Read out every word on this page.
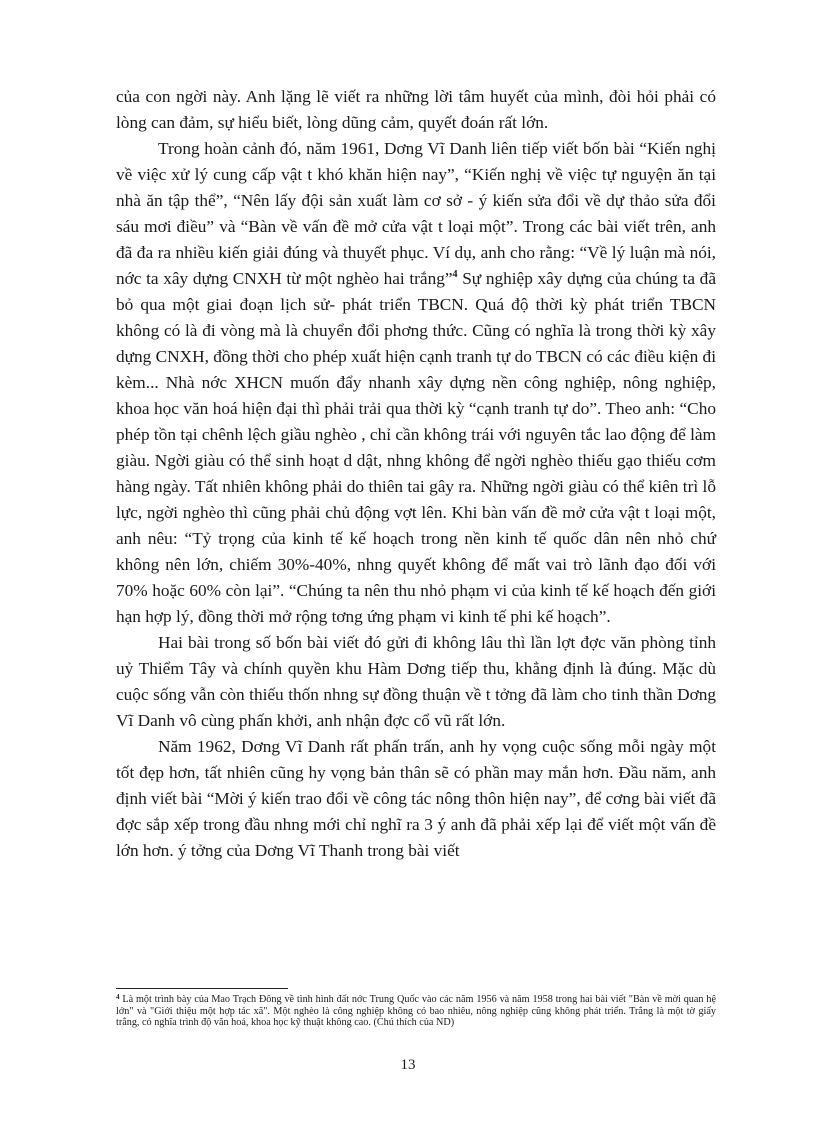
của con ngời này. Anh lặng lẽ viết ra những lời tâm huyết của mình, đòi hỏi phải có lòng can đảm, sự hiểu biết, lòng dũng cảm, quyết đoán rất lớn.

Trong hoàn cảnh đó, năm 1961, Dơng Vĩ Danh liên tiếp viết bốn bài “Kiến nghị về việc xử lý cung cấp vật t khó khăn hiện nay”, “Kiến nghị về việc tự nguyện ăn tại nhà ăn tập thể”, “Nên lấy đội sản xuất làm cơ sở - ý kiến sửa đổi về dự thảo sửa đổi sáu mơi điều” và “Bàn về vấn đề mở cửa vật t loại một”. Trong các bài viết trên, anh đã đa ra nhiều kiến giải đúng và thuyết phục. Ví dụ, anh cho rằng: “Về lý luận mà nói, nớc ta xây dựng CNXH từ một nghèo hai trắng”$^4$ Sự nghiệp xây dựng của chúng ta đã bỏ qua một giai đoạn lịch sử- phát triển TBCN. Quá độ thời kỳ phát triển TBCN không có là đi vòng mà là chuyển đổi phơng thức. Cũng có nghĩa là trong thời kỳ xây dựng CNXH, đồng thời cho phép xuất hiện cạnh tranh tự do TBCN có các điều kiện đi kèm... Nhà nớc XHCN muốn đẩy nhanh xây dựng nền công nghiệp, nông nghiệp, khoa học văn hoá hiện đại thì phải trải qua thời kỳ “cạnh tranh tự do”. Theo anh: “Cho phép tồn tại chênh lệch giầu nghèo , chỉ cần không trái với nguyên tắc lao động để làm giàu. Ngời giàu có thể sinh hoạt d dật, nhng không để ngời nghèo thiếu gạo thiếu cơm hàng ngày. Tất nhiên không phải do thiên tai gây ra. Những ngời giàu có thể kiên trì lỗ lực, ngời nghèo thì cũng phải chủ động vợt lên. Khi bàn vấn đề mở cửa vật t loại một, anh nêu: “Tỷ trọng của kinh tế kế hoạch trong nền kinh tế quốc dân nên nhỏ chứ không nên lớn, chiếm 30%-40%, nhng quyết không để mất vai trò lãnh đạo đối với 70% hoặc 60% còn lại”. “Chúng ta nên thu nhỏ phạm vi của kinh tế kế hoạch đến giới hạn hợp lý, đồng thời mở rộng tơng ứng phạm vi kinh tế phi kế hoạch”.

Hai bài trong số bốn bài viết đó gửi đi không lâu thì lần lợt đợc văn phòng tỉnh uỷ Thiểm Tây và chính quyền khu Hàm Dơng tiếp thu, khẳng định là đúng. Mặc dù cuộc sống vẫn còn thiếu thốn nhng sự đồng thuận về t tởng đã làm cho tinh thần Dơng Vĩ Danh vô cùng phấn khởi, anh nhận đợc cổ vũ rất lớn.

Năm 1962, Dơng Vĩ Danh rất phấn trấn, anh hy vọng cuộc sống mỗi ngày một tốt đẹp hơn, tất nhiên cũng hy vọng bản thân sẽ có phần may mắn hơn. Đầu năm, anh định viết bài “Mời ý kiến trao đổi về công tác nông thôn hiện nay”, để cơng bài viết đã đợc sắp xếp trong đầu nhng mới chỉ nghĩ ra 3 ý anh đã phải xếp lại để viết một vấn đề lớn hơn. ý tởng của Dơng Vĩ Thanh trong bài viết

$^4$ Là một trình bày của Mao Trạch Đông về tình hình đất nớc Trung Quốc vào các năm 1956 và năm 1958 trong hai bài viết "Bàn về mời quan hệ lớn" và "Giới thiệu một hợp tác xã". Một nghèo là công nghiệp không có bao nhiêu, nông nghiệp cũng không phát triển. Trắng là một tờ giấy trắng, có nghĩa trình độ văn hoá, khoa học kỹ thuật không cao. (Chú thích của ND)

13
